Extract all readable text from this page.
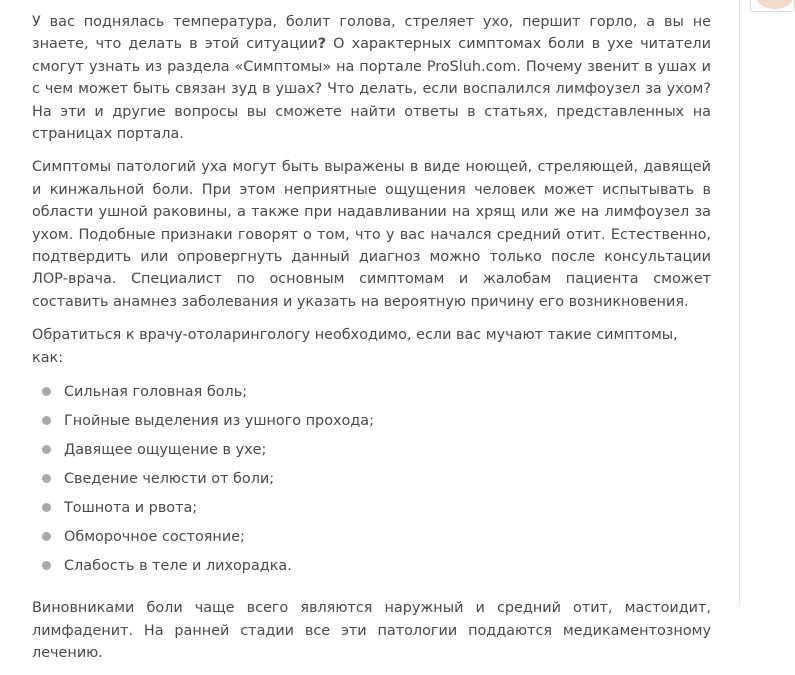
У вас поднялась температура, болит голова, стреляет ухо, першит горло, а вы не знаете, что делать в этой ситуации? О характерных симптомах боли в ухе читатели смогут узнать из раздела «Симптомы» на портале ProSluh.com. Почему звенит в ушах и с чем может быть связан зуд в ушах? Что делать, если воспалился лимфоузел за ухом? На эти и другие вопросы вы сможете найти ответы в статьях, представленных на страницах портала.

Симптомы патологий уха могут быть выражены в виде ноющей, стреляющей, давящей и кинжальной боли. При этом неприятные ощущения человек может испытывать в области ушной раковины, а также при надавливании на хрящ или же на лимфоузел за ухом. Подобные признаки говорят о том, что у вас начался средний отит. Естественно, подтвердить или опровергнуть данный диагноз можно только после консультации ЛОР-врача. Специалист по основным симптомам и жалобам пациента сможет составить анамнез заболевания и указать на вероятную причину его возникновения.

Обратиться к врачу-отоларингологу необходимо, если вас мучают такие симптомы, как:

Сильная головная боль;
Гнойные выделения из ушного прохода;
Давящее ощущение в ухе;
Сведение челюсти от боли;
Тошнота и рвота;
Обморочное состояние;
Слабость в теле и лихорадка.

Виновниками боли чаще всего являются наружный и средний отит, мастоидит, лимфаденит. На ранней стадии все эти патологии поддаются медикаментозному лечению.
